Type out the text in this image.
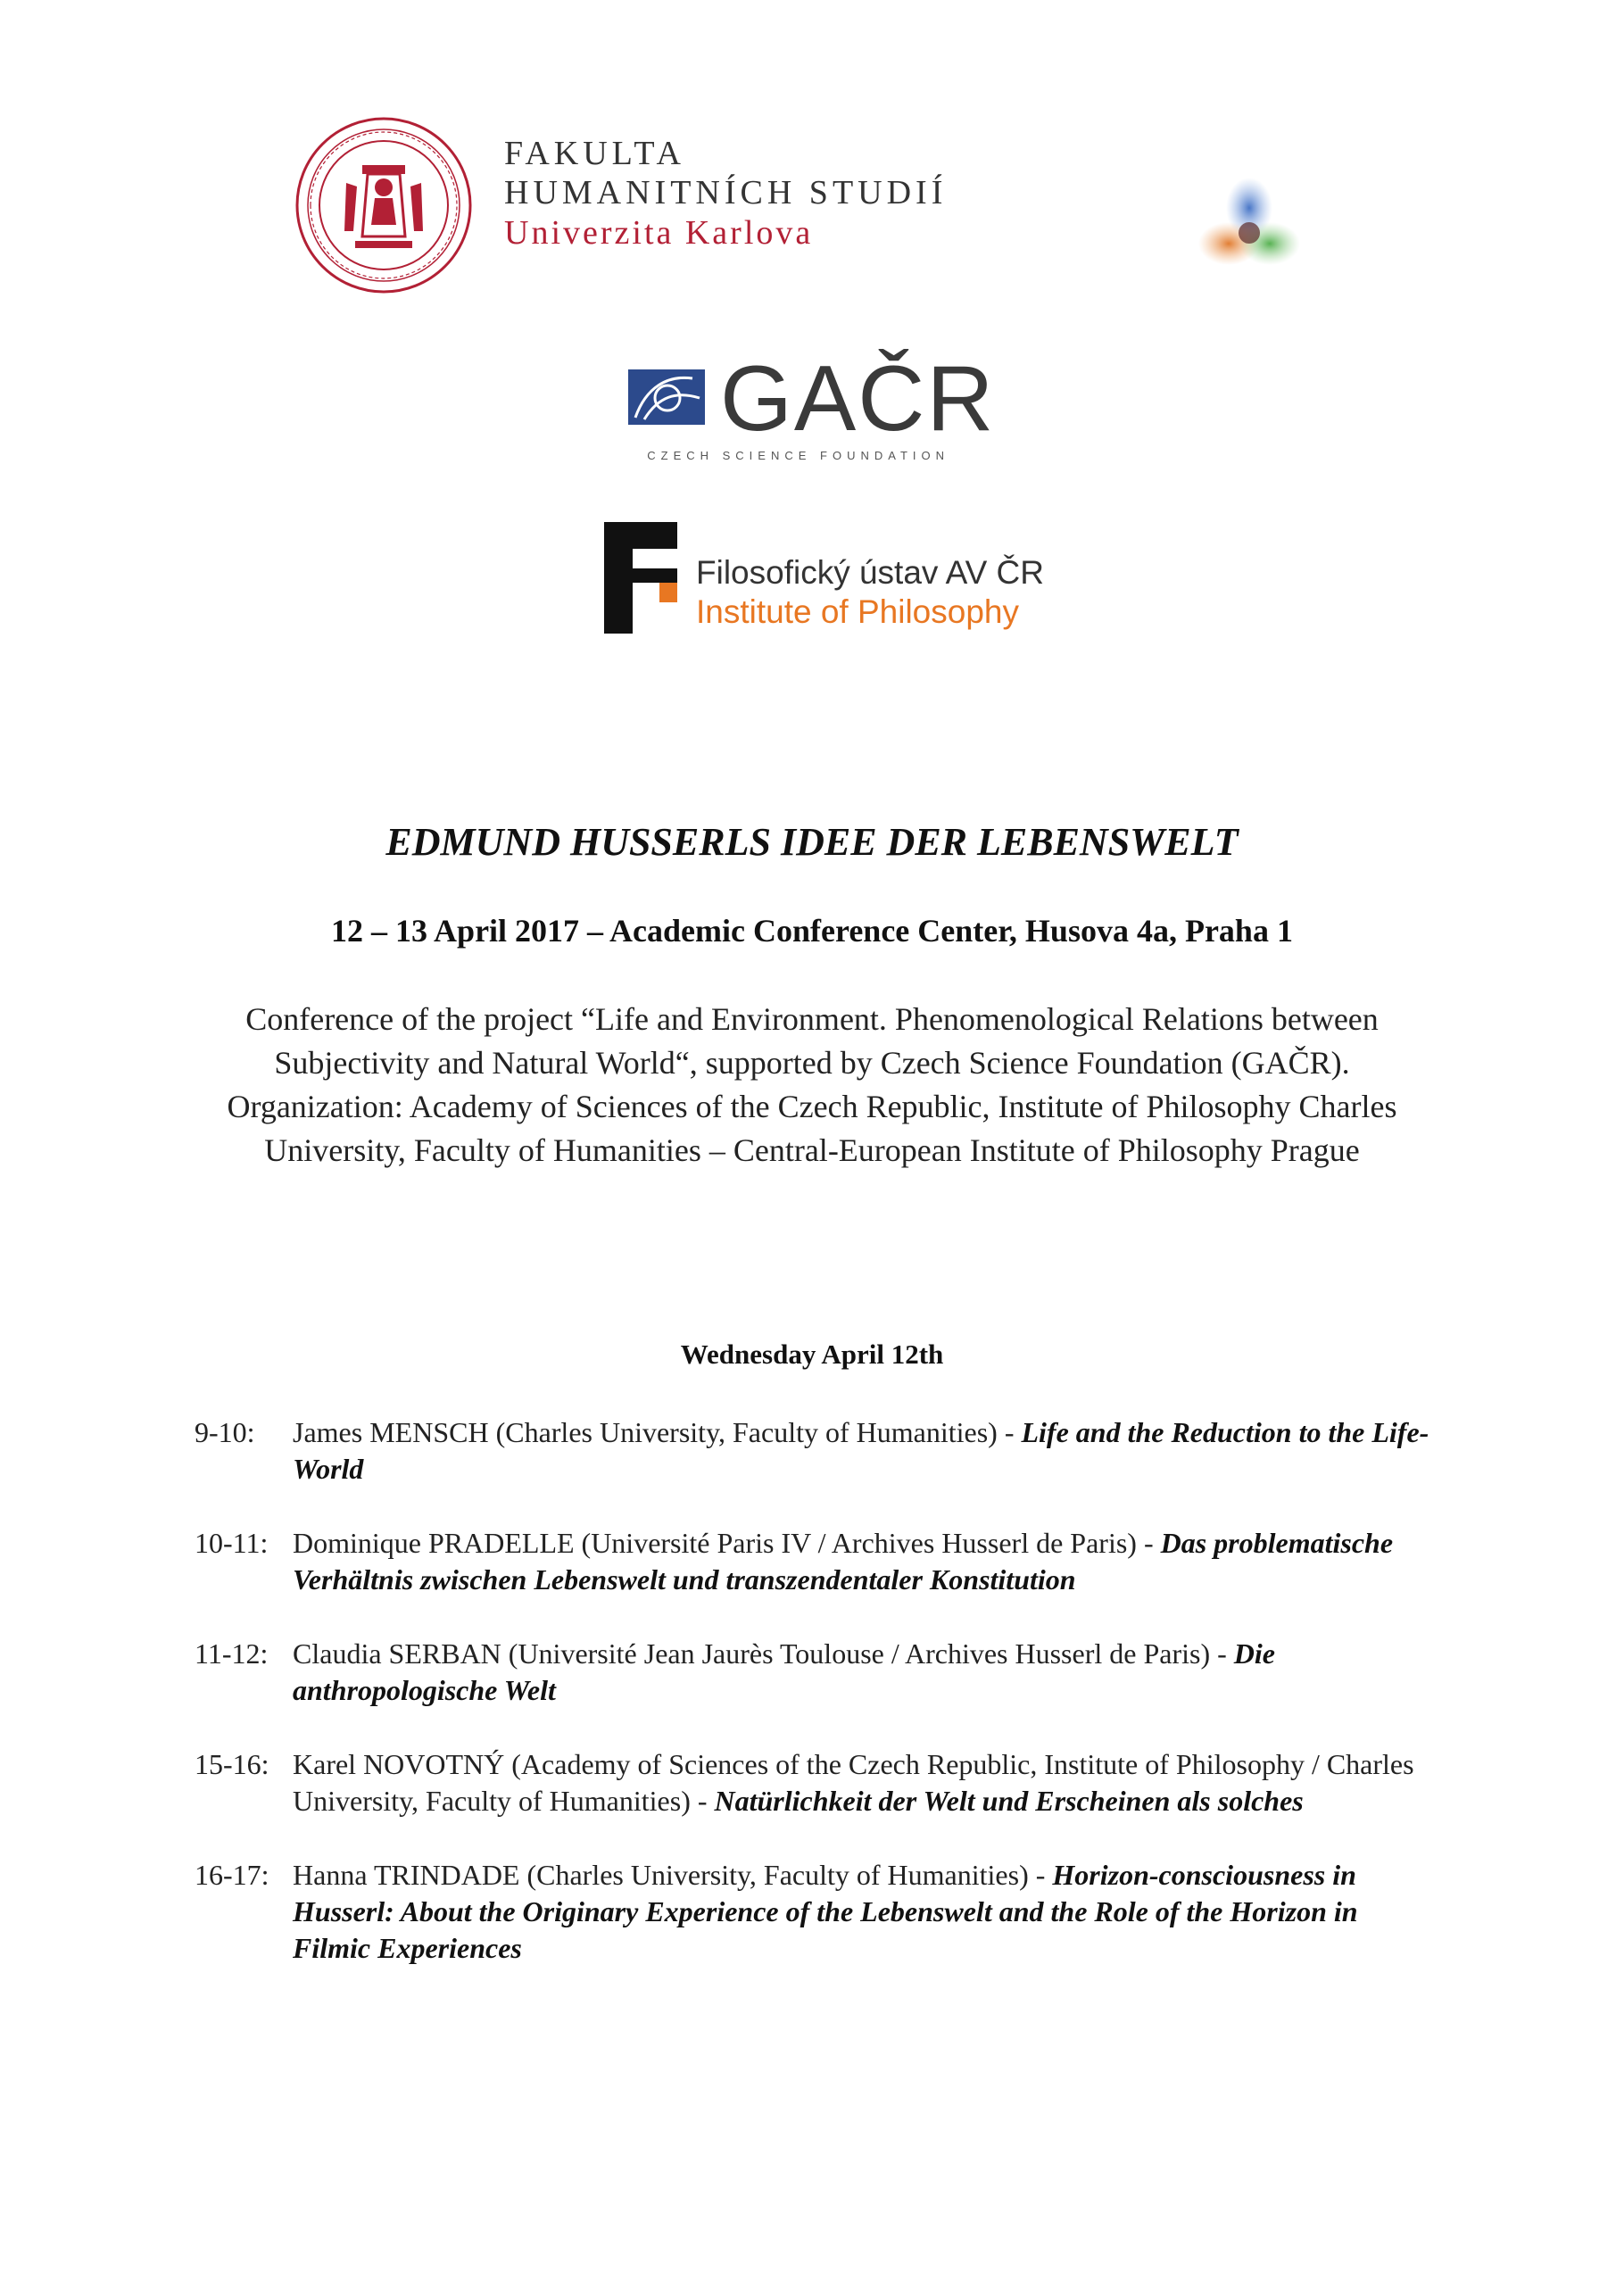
FAKULTA
HUMANITNÍCH STUDIÍ
Univerzita Karlova
GAČR
CZECH SCIENCE FOUNDATION
Filosofický ústav AV ČR
Institute of Philosophy
EDMUND HUSSERLS IDEE DER LEBENSWELT
12 – 13 April 2017 – Academic Conference Center, Husova 4a, Praha 1

Conference of the project “Life and Environment. Phenomenological Relations between Subjectivity and Natural World“, supported by Czech Science Foundation (GAČR).

Organization: Academy of Sciences of the Czech Republic, Institute of Philosophy Charles University, Faculty of Humanities – Central-European Institute of Philosophy Prague

Wednesday April 12th
9-10: James MENSCH (Charles University, Faculty of Humanities) - Life and the Reduction to the Life-World
10-11: Dominique PRADELLE (Université Paris IV / Archives Husserl de Paris) - Das problematische Verhältnis zwischen Lebenswelt und transzendentaler Konstitution
11-12: Claudia SERBAN (Université Jean Jaurès Toulouse / Archives Husserl de Paris) - Die anthropologische Welt
15-16: Karel NOVOTNÝ (Academy of Sciences of the Czech Republic, Institute of Philosophy / Charles University, Faculty of Humanities) - Natürlichkeit der Welt und Erscheinen als solches
16-17: Hanna TRINDADE (Charles University, Faculty of Humanities) - Horizon-consciousness in Husserl: About the Originary Experience of the Lebenswelt and the Role of the Horizon in Filmic Experiences
